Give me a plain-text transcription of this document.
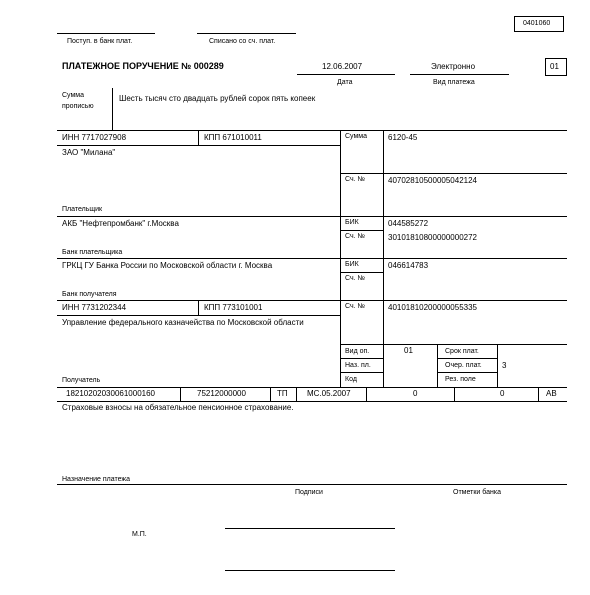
0401060
Поступ. в банк плат.	Списано со сч. плат.
ПЛАТЕЖНОЕ ПОРУЧЕНИЕ № 000289	12.06.2007
Дата
Электронно
Вид платежа
01
Сумма
прописью
Шесть тысяч сто двадцать рублей сорок пять копеек
ИНН 7717027908	КПП 671010011
ЗАО "Милана"
Плательщик
Сумма	6120-45
Сч. №	40702810500005042124
АКБ "Нефтепромбанк" г.Москва
Банк плательщика
БИК	044585272
Сч. №	30101810800000000272
ГРКЦ ГУ Банка России по Московской области г. Москва
Банк получателя
БИК	046614783
Сч. №
ИНН 7731202344	КПП 773101001
Управление федерального казначейства по Московской области
Получатель
Сч. №	40101810200000055335
Вид оп.	01
Наз. пл.
Код
Срок плат.
Очер. плат.	3
Рез. поле
18210202030061000160	75212000000	ТП МС.05.2007	0	0	АВ
Страховые взносы на обязательное пенсионное страхование.
Назначение платежа
Подписи	Отметки банка
М.П.
